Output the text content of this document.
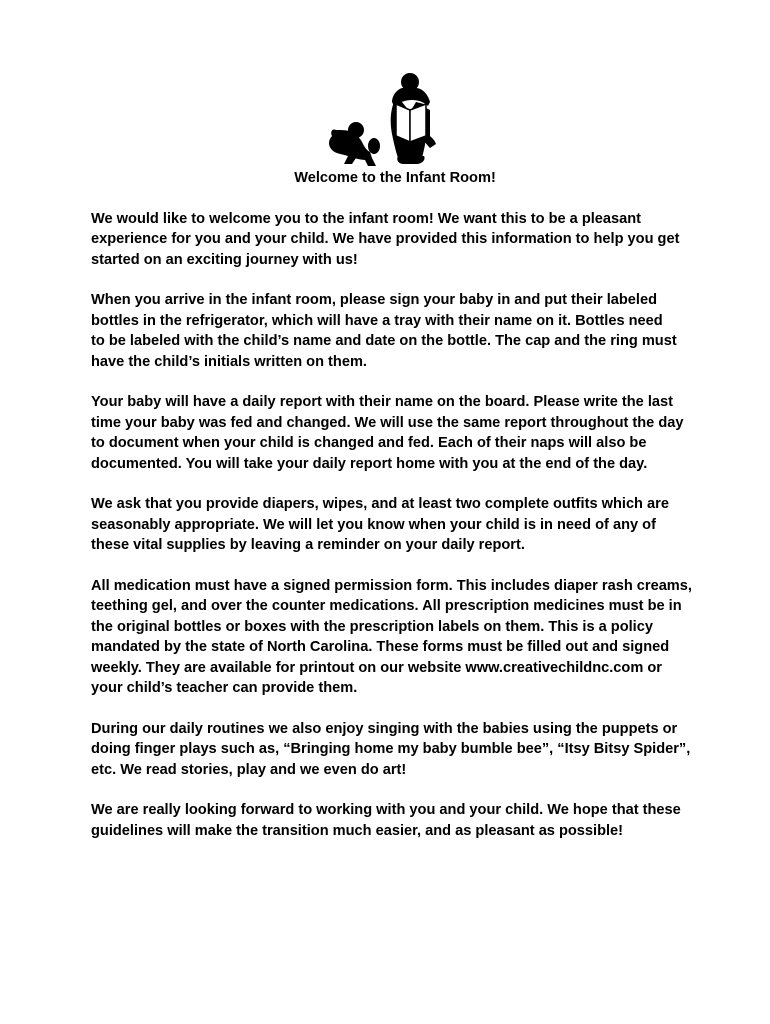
Welcome to the Infant Room!
We would like to welcome you to the infant room! We want this to be a pleasant
experience for you and your child. We have provided this information to help you get
started on an exciting journey with us!
When you arrive in the infant room, please sign your baby in and put their labeled
bottles in the refrigerator, which will have a tray with their name on it. Bottles need
to be labeled with the child’s name and date on the bottle. The cap and the ring must
have the child’s initials written on them.
Your baby will have a daily report with their name on the board. Please write the last
time your baby was fed and changed. We will use the same report throughout the day
to document when your child is changed and fed. Each of their naps will also be
documented. You will take your daily report home with you at the end of the day.
We ask that you provide diapers, wipes, and at least two complete outfits which are
seasonably appropriate. We will let you know when your child is in need of any of
these vital supplies by leaving a reminder on your daily report.
All medication must have a signed permission form. This includes diaper rash creams,
teething gel, and over the counter medications. All prescription medicines must be in
the original bottles or boxes with the prescription labels on them. This is a policy
mandated by the state of North Carolina. These forms must be filled out and signed
weekly. They are available for printout on our website www.creativechildnc.com or
your child’s teacher can provide them.
During our daily routines we also enjoy singing with the babies using the puppets or
doing finger plays such as, “Bringing home my baby bumble bee”, “Itsy Bitsy Spider”,
etc. We read stories, play and we even do art!
We are really looking forward to working with you and your child. We hope that these
guidelines will make the transition much easier, and as pleasant as possible!
